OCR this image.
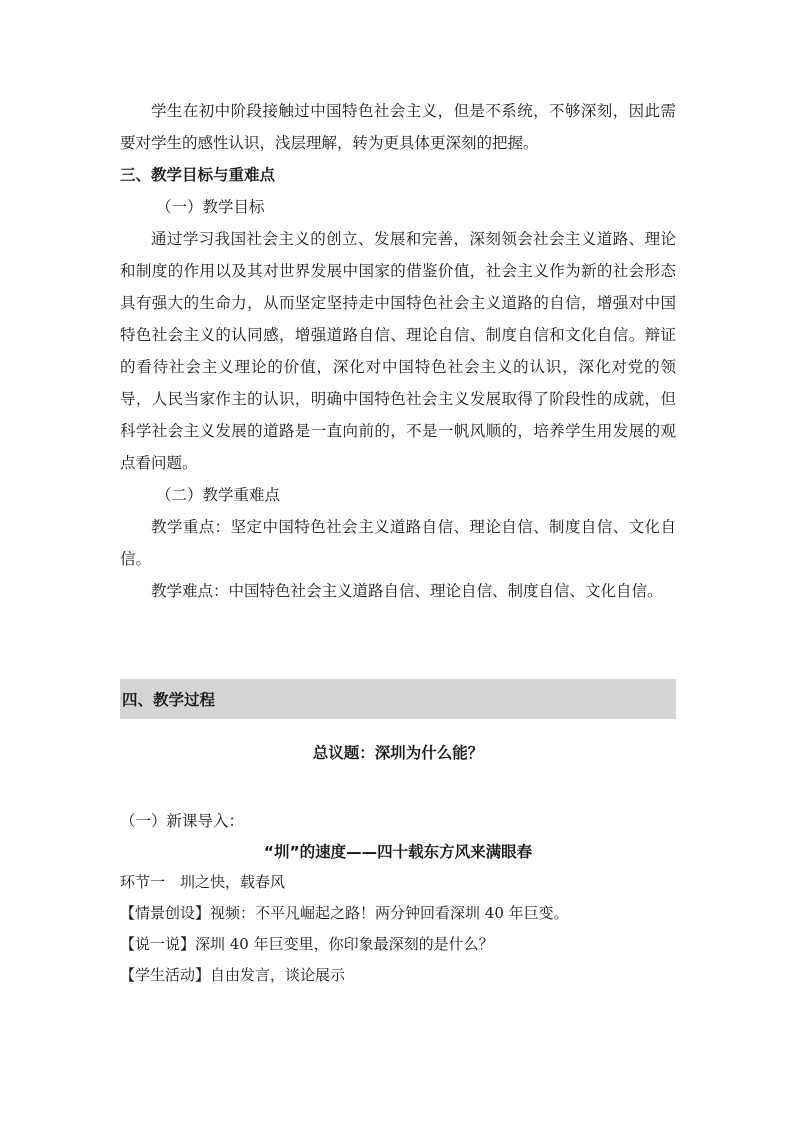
学生在初中阶段接触过中国特色社会主义，但是不系统，不够深刻，因此需要对学生的感性认识，浅层理解，转为更具体更深刻的把握。

三、教学目标与重难点

（一）教学目标

通过学习我国社会主义的创立、发展和完善，深刻领会社会主义道路、理论和制度的作用以及其对世界发展中国家的借鉴价值，社会主义作为新的社会形态具有强大的生命力，从而坚定坚持走中国特色社会主义道路的自信，增强对中国特色社会主义的认同感，增强道路自信、理论自信、制度自信和文化自信。辩证的看待社会主义理论的价值，深化对中国特色社会主义的认识，深化对党的领导，人民当家作主的认识，明确中国特色社会主义发展取得了阶段性的成就，但科学社会主义发展的道路是一直向前的，不是一帆风顺的，培养学生用发展的观点看问题。

（二）教学重难点

教学重点：坚定中国特色社会主义道路自信、理论自信、制度自信、文化自信。

教学难点：中国特色社会主义道路自信、理论自信、制度自信、文化自信。

四、教学过程
总议题：深圳为什么能？

（一）新课导入：

“圳”的速度——四十载东方风来满眼春

环节一　圳之快，载春风

【情景创设】视频：不平凡崛起之路！两分钟回看深圳 40 年巨变。

【说一说】深圳 40 年巨变里，你印象最深刻的是什么？

【学生活动】自由发言，谈论展示
